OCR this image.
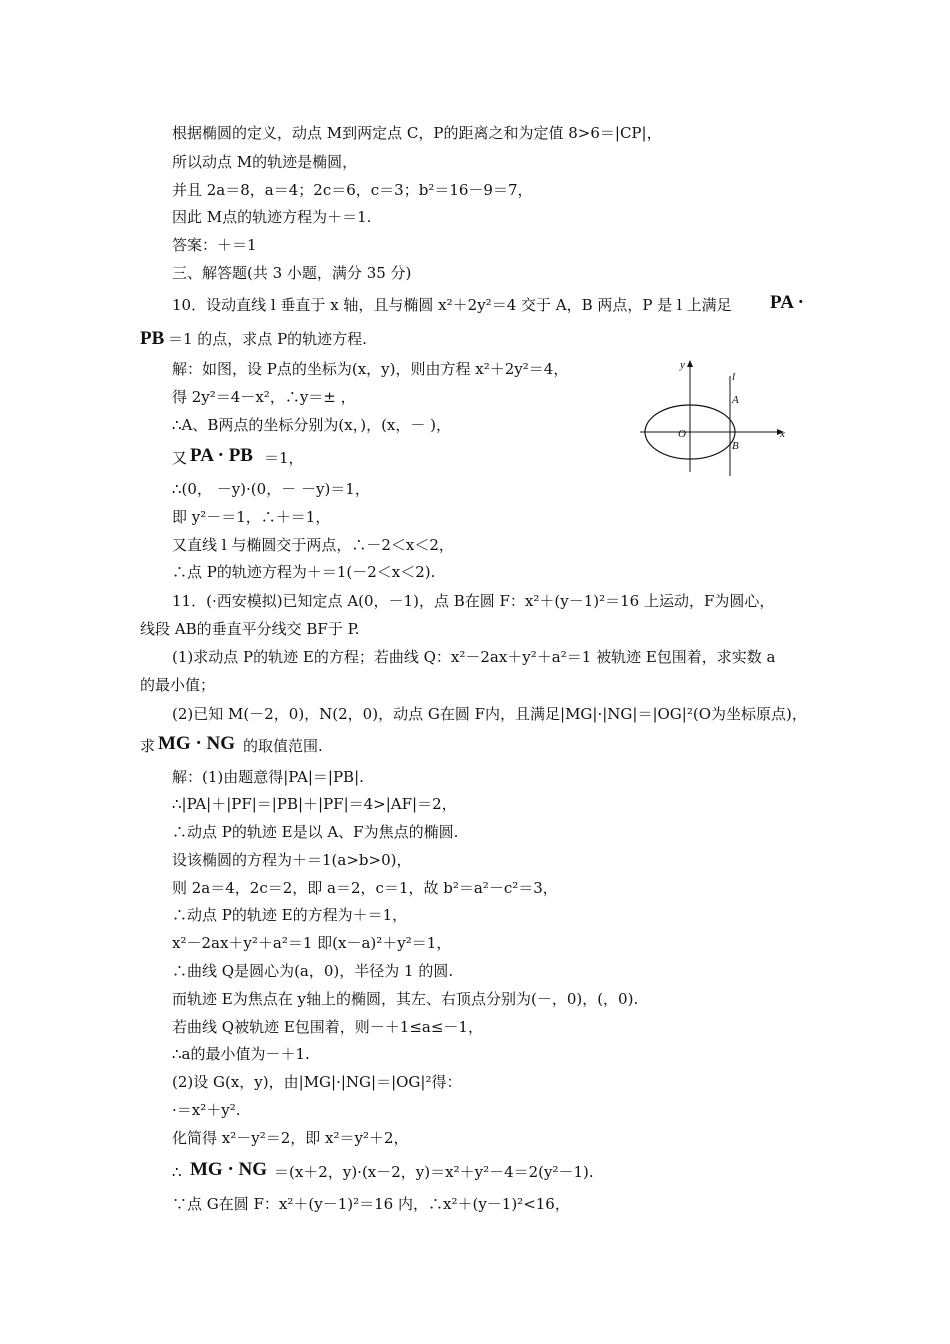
根据椭圆的定义，动点 M到两定点 C，P的距离之和为定值 8>6＝|CP|，
所以动点 M的轨迹是椭圆，
并且 2a＝8，a＝4；2c＝6，c＝3；b²＝16－9＝7，
因此 M点的轨迹方程为＋＝1.
答案：＋＝1
三、解答题(共 3 小题，满分 35 分)
10．设动直线 l 垂直于 x 轴，且与椭圆 x²＋2y²＝4 交于 A，B 两点，P 是 l 上满足 PA ·
PB ＝1 的点，求点 P的轨迹方程.
解：如图，设 P点的坐标为(x，y)，则由方程 x²＋2y²＝4，
得 2y²＝4－x²，∴y＝± ，
∴A、B两点的坐标分别为(x，)，(x，－ )，
又 PA · PB ＝1，
∴(0， －y)·(0，－ －y)＝1，
即 y²－＝1，∴＋＝1，
又直线 l 与椭圆交于两点，∴－2＜x＜2，
∴点 P的轨迹方程为＋＝1(－2＜x＜2).
y
l
A
O
B
x
11．(·西安模拟)已知定点 A(0，－1)，点 B在圆 F：x²＋(y－1)²＝16 上运动，F为圆心，
线段 AB的垂直平分线交 BF于 P.
(1)求动点 P的轨迹 E的方程；若曲线 Q：x²－2ax＋y²＋a²＝1 被轨迹 E包围着，求实数 a
的最小值；
(2)已知 M(－2，0)，N(2，0)，动点 G在圆 F内，且满足|MG|·|NG|＝|OG|²(O为坐标原点)，
求 MG · NG 的取值范围.
解：(1)由题意得|PA|＝|PB|.
∴|PA|＋|PF|＝|PB|＋|PF|＝4>|AF|＝2，
∴动点 P的轨迹 E是以 A、F为焦点的椭圆.
设该椭圆的方程为＋＝1(a>b>0)，
则 2a＝4，2c＝2，即 a＝2，c＝1，故 b²＝a²－c²＝3，
∴动点 P的轨迹 E的方程为＋＝1，
x²－2ax＋y²＋a²＝1 即(x－a)²＋y²＝1，
∴曲线 Q是圆心为(a，0)，半径为 1 的圆.
而轨迹 E为焦点在 y轴上的椭圆，其左、右顶点分别为(－，0)，(，0).
若曲线 Q被轨迹 E包围着，则－＋1≤a≤－1，
∴a的最小值为－＋1.
(2)设 G(x，y)，由|MG|·|NG|＝|OG|²得：
·＝x²＋y².
化简得 x²－y²＝2，即 x²＝y²＋2，
∴ MG · NG ＝(x＋2，y)·(x－2，y)＝x²＋y²－4＝2(y²－1).
∵点 G在圆 F：x²＋(y－1)²＝16 内，∴x²＋(y－1)²<16，
